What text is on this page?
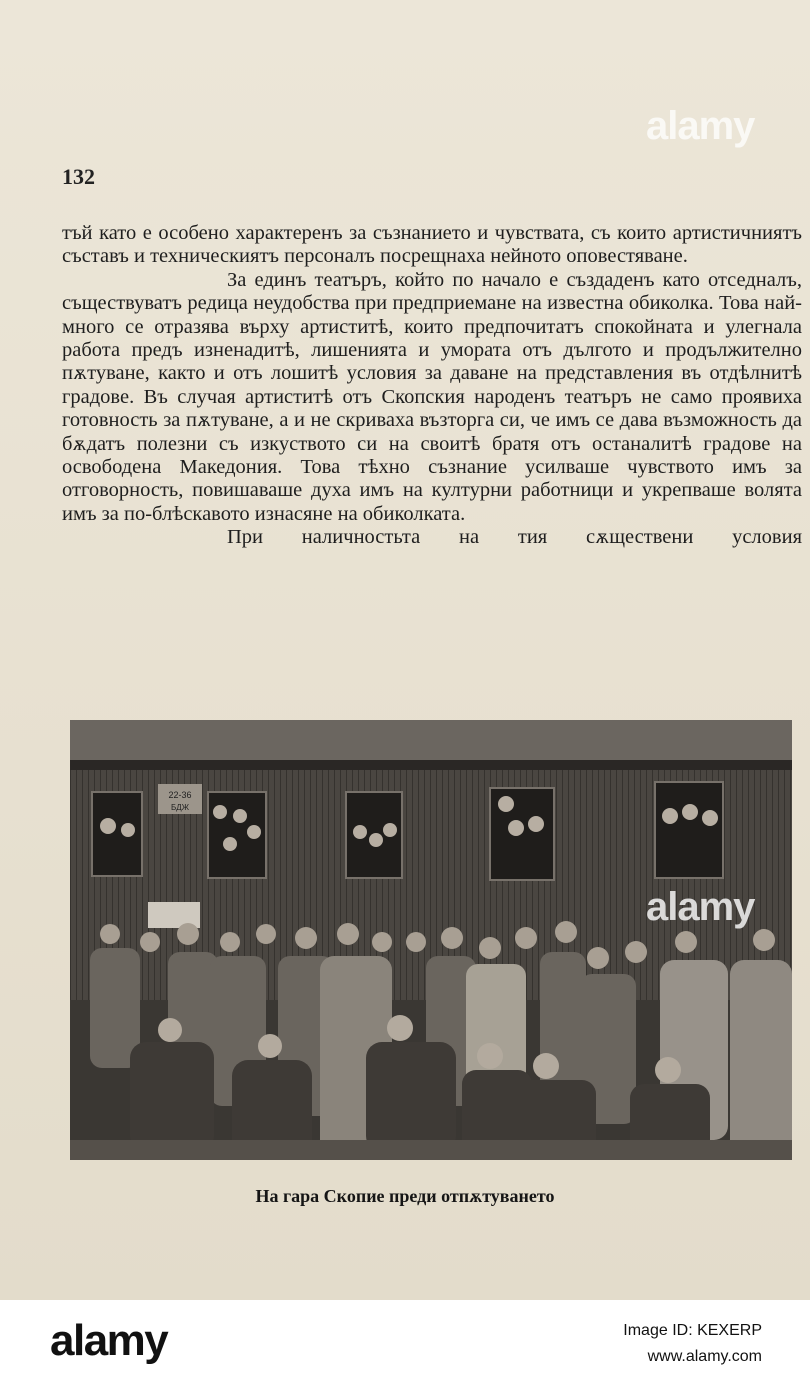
132

тъй като е особено характеренъ за съзнанието и чувствата, съ които артистичниятъ съставъ и техническиятъ персоналъ посрещнаха нейното оповестяване.

За единъ театъръ, който по начало е създаденъ като отседналъ, съществуватъ редица неудобства при предприемане на известна обиколка. Това най-много се отразява върху артиститѣ, които предпочитатъ спокойната и улегнала работа предъ изненадитѣ, лишенията и умората отъ дългото и продължително пѫтуване, както и отъ лошитѣ условия за даване на представления въ отдѣлнитѣ градове. Въ случая артиститѣ отъ Скопския народенъ театъръ не само проявиха готовность за пѫтуване, а и не скриваха възторга си, че имъ се дава възможность да бѫдатъ полезни съ изкуството си на своитѣ братя отъ останалитѣ градове на освободена Македония. Това тѣхно съзнание усилваше чувството имъ за отговорность, повишаваше духа имъ на културни работници и укрепваше волята имъ за по-блѣскавото изнасяне на обиколката.

При наличностьта на тия сѫществени условия

22-36
БДЖ
На гара Скопие преди отпѫтуването
alamy
alamy
alamy	Image ID: KEXERP
www.alamy.com
